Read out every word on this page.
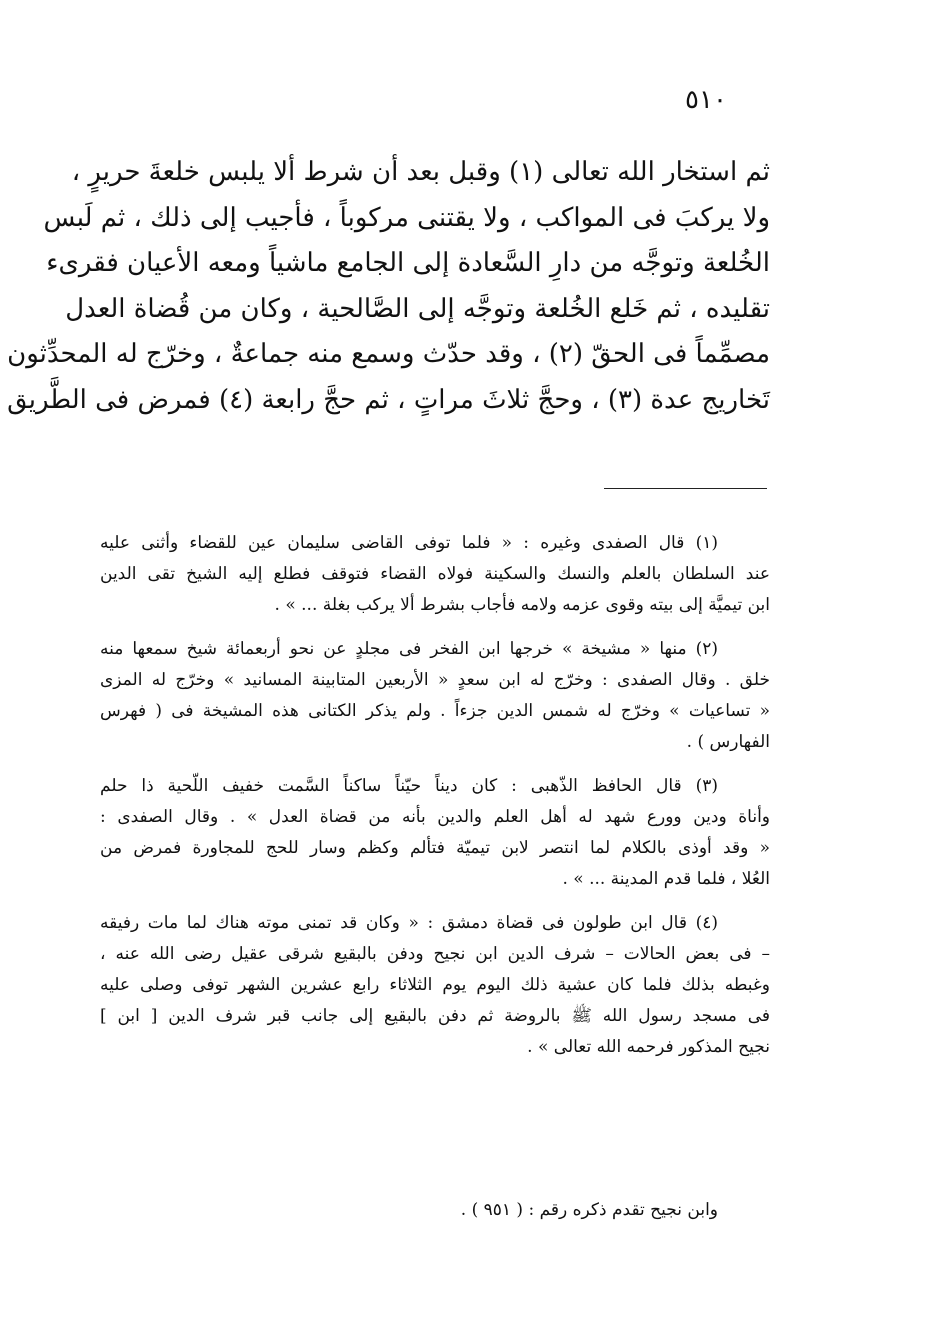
٥١٠
ثم استخار الله تعالى (١) وقبل بعد أن شرط ألا يلبس خلعةَ حريرٍ ،
ولا يركبَ فى المواكب ، ولا يقتنى مركوباً ، فأجيب إلى ذلك ، ثم لَبس
الخُلعة وتوجَّه من دارِ السَّعادة إلى الجامع ماشياً ومعه الأعيان فقرىء
تقليده ، ثم خَلع الخُلعة وتوجَّه إلى الصَّالحية ، وكان من قُضاة العدل
مصمِّماً فى الحقّ (٢) ، وقد حدّث وسمع منه جماعةٌ ، وخرّج له المحدِّثون
تَخاريج عدة (٣) ، وحجَّ ثلاثَ مراتٍ ، ثم حجَّ رابعة (٤) فمرض فى الطَّريق
(١) قال الصفدى وغيره : « فلما توفى القاضى سليمان عين للقضاء وأثنى عليه
عند السلطان بالعلم والنسك والسكينة فولاه القضاء فتوقف فطلع إليه الشيخ تقى الدين
ابن تيميَّة إلى بيته وقوى عزمه ولامه فأجاب بشرط ألا يركب بغلة ... » .
(٢) منها « مشيخة » خرجها ابن الفخر فى مجلدٍ عن نحو أربعمائة شيخ سمعها منه
خلق . وقال الصفدى : وخرّج له ابن سعدٍ « الأربعين المتابينة المسانيد » وخرّج له المزى
« تساعيات » وخرّج له شمس الدين جزءاً . ولم يذكر الكتانى هذه المشيخة فى ( فهرس
الفهارس ) .
(٣) قال الحافظ الذّهبى : كان ديناً حيّناً ساكناً السَّمت خفيف اللّحية ذا حلم
وأناة ودين وورع شهد له أهل العلم والدين بأنه من قضاة العدل » . وقال الصفدى :
« وقد أوذى بالكلام لما انتصر لابن تيميّة فتألم وكظم وسار للحج للمجاورة فمرض من
العُلا ، فلما قدم المدينة ... » .
(٤) قال ابن طولون فى قضاة دمشق : « وكان قد تمنى موته هناك لما مات رفيقه
– فى بعض الحالات – شرف الدين ابن نجيح ودفن بالبقيع شرقى عقيل رضى الله عنه ،
وغبطه بذلك فلما كان عشية ذلك اليوم يوم الثلاثاء رابع عشرين الشهر توفى وصلى عليه
فى مسجد رسول الله ﷺ بالروضة ثم دفن بالبقيع إلى جانب قبر شرف الدين [ ابن ]
نجيح المذكور فرحمه الله تعالى » .
وابن نجيح تقدم ذكره رقم : ( ٩٥١ ) .
